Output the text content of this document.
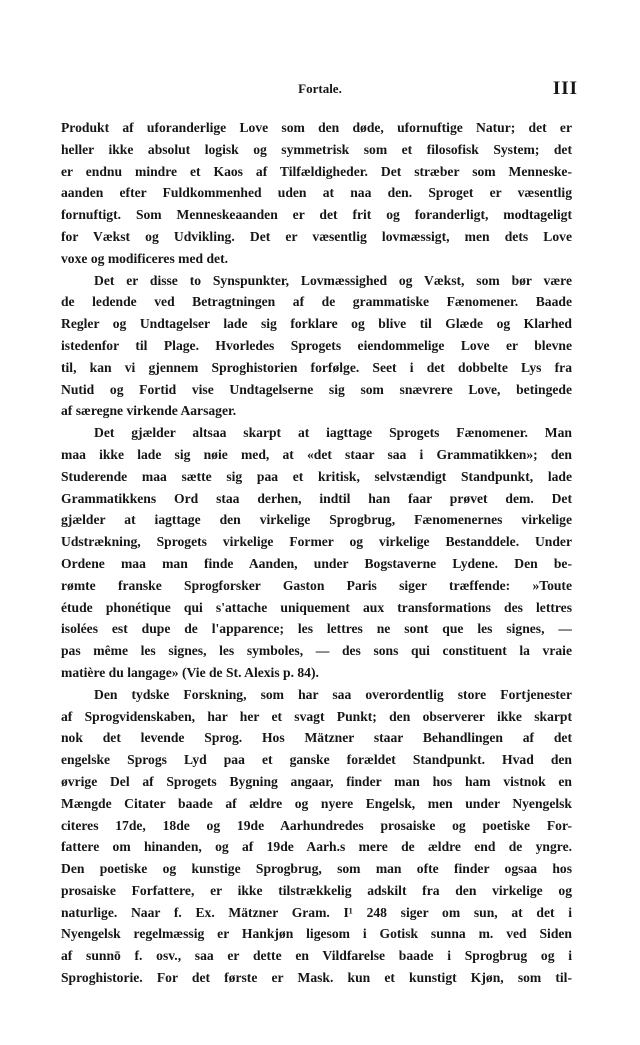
Fortale.	III
Produkt af uforanderlige Love som den døde, ufornuftige Natur; det er
heller ikke absolut logisk og symmetrisk som et filosofisk System; det
er endnu mindre et Kaos af Tilfældigheder. Det stræber som Menneske-
aanden efter Fuldkommenhed uden at naa den. Sproget er væsentlig
fornuftigt. Som Menneskeaanden er det frit og foranderligt, modtageligt
for Vækst og Udvikling. Det er væsentlig lovmæssigt, men dets Love
voxe og modificeres med det.
Det er disse to Synspunkter, Lovmæssighed og Vækst, som bør være
de ledende ved Betragtningen af de grammatiske Fænomener. Baade
Regler og Undtagelser lade sig forklare og blive til Glæde og Klarhed
istedenfor til Plage. Hvorledes Sprogets eiendommelige Love er blevne
til, kan vi gjennem Sproghistorien forfølge. Seet i det dobbelte Lys fra
Nutid og Fortid vise Undtagelserne sig som snævrere Love, betingede
af særegne virkende Aarsager.
Det gjælder altsaa skarpt at iagttage Sprogets Fænomener. Man
maa ikke lade sig nøie med, at «det staar saa i Grammatikken»; den
Studerende maa sætte sig paa et kritisk, selvstændigt Standpunkt, lade
Grammatikkens Ord staa derhen, indtil han faar prøvet dem. Det
gjælder at iagttage den virkelige Sprogbrug, Fænomenernes virkelige
Udstrækning, Sprogets virkelige Former og virkelige Bestanddele. Under
Ordene maa man finde Aanden, under Bogstaverne Lydene. Den be-
rømte franske Sprogforsker Gaston Paris siger træffende: »Toute
étude phonétique qui s'attache uniquement aux transformations des lettres
isolées est dupe de l'apparence; les lettres ne sont que les signes, —
pas même les signes, les symboles, — des sons qui constituent la vraie
matière du langage» (Vie de St. Alexis p. 84).
Den tydske Forskning, som har saa overordentlig store Fortjenester
af Sprogvidenskaben, har her et svagt Punkt; den observerer ikke skarpt
nok det levende Sprog. Hos Mätzner staar Behandlingen af det
engelske Sprogs Lyd paa et ganske forældet Standpunkt. Hvad den
øvrige Del af Sprogets Bygning angaar, finder man hos ham vistnok en
Mængde Citater baade af ældre og nyere Engelsk, men under Nyengelsk
citeres 17de, 18de og 19de Aarhundredes prosaiske og poetiske For-
fattere om hinanden, og af 19de Aarh.s mere de ældre end de yngre.
Den poetiske og kunstige Sprogbrug, som man ofte finder ogsaa hos
prosaiske Forfattere, er ikke tilstrækkelig adskilt fra den virkelige og
naturlige. Naar f. Ex. Mätzner Gram. I¹ 248 siger om sun, at det i
Nyengelsk regelmæssig er Hankjøn ligesom i Gotisk sunna m. ved Siden
af sunnō f. osv., saa er dette en Vildfarelse baade i Sprogbrug og i
Sproghistorie. For det første er Mask. kun et kunstigt Kjøn, som til-
